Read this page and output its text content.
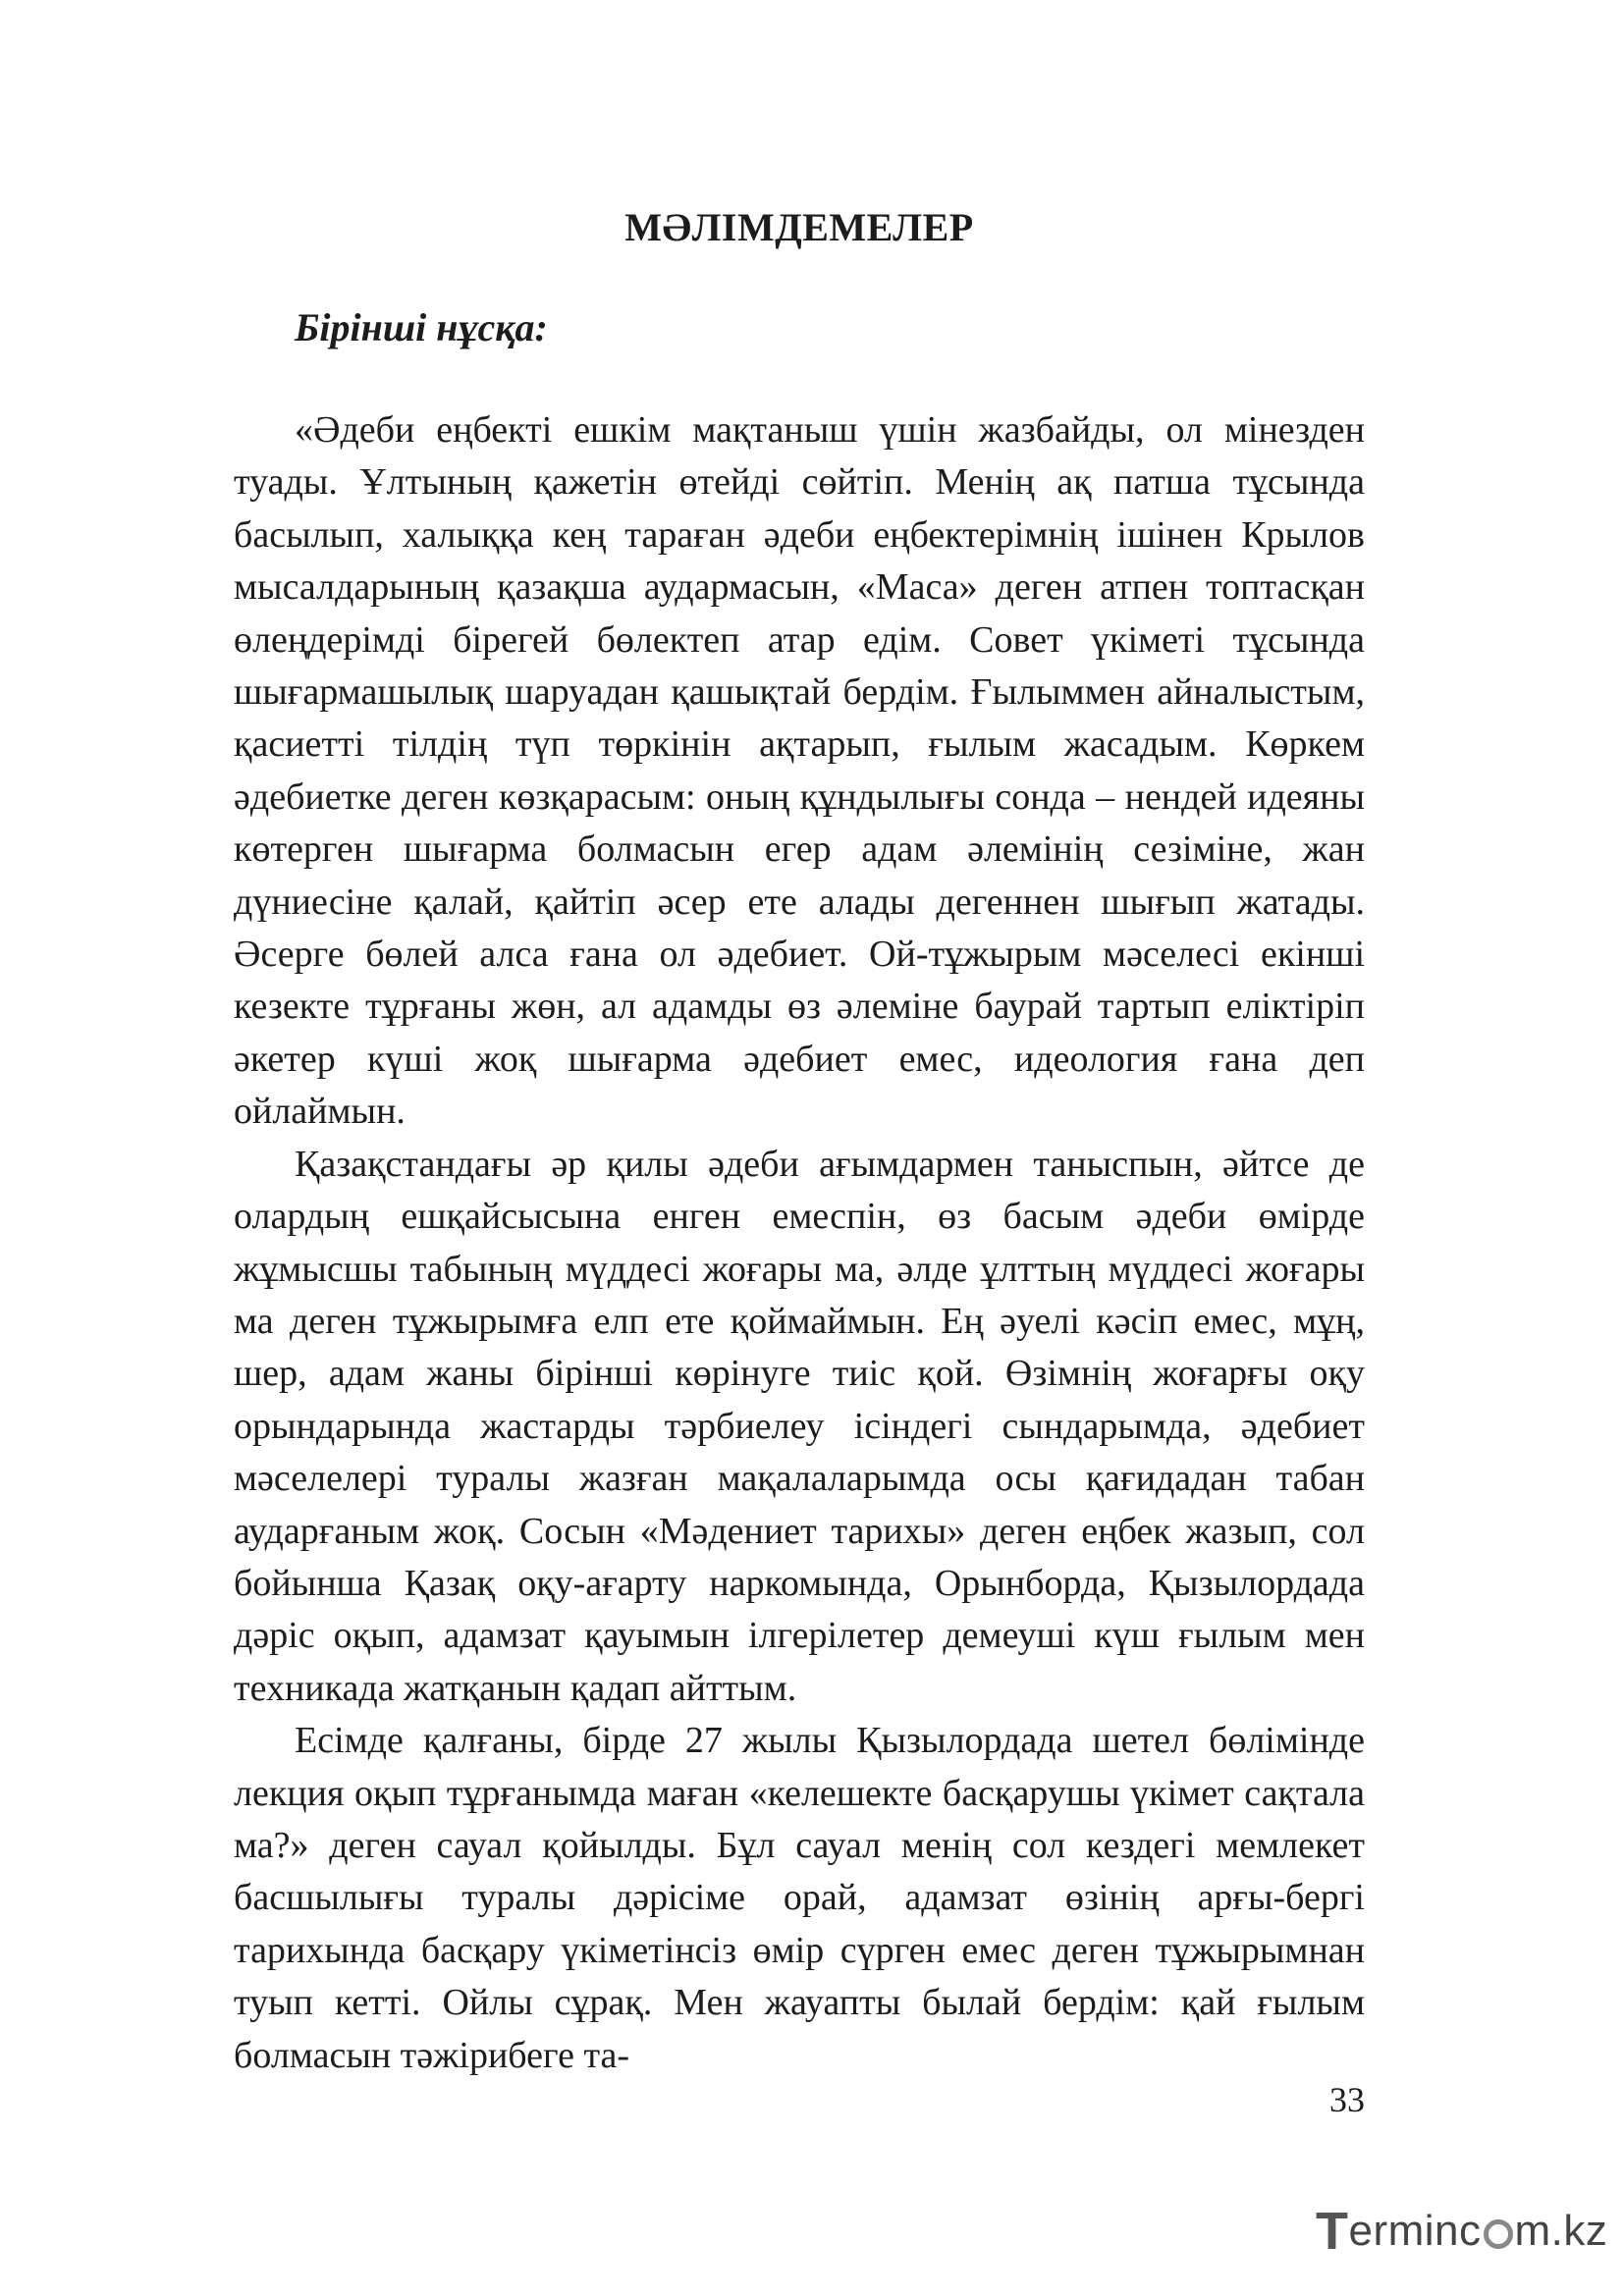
МӘЛІМДЕМЕЛЕР
Бірінші нұсқа:

«Әдеби еңбекті ешкім мақтаныш үшін жазбайды, ол мінезден туады. Ұлтының қажетін өтейді сөйтіп. Менің ақ патша тұсында басылып, халыққа кең тараған әдеби еңбектерімнің ішінен Крылов мысалдарының қазақша аудармасын, «Маса» деген атпен топтасқан өлеңдерімді бірегей бөлектеп атар едім. Совет үкіметі тұсында шығармашылық шаруадан қашықтай бердім. Ғылыммен айналыстым, қасиетті тілдің түп төркінін ақтарып, ғылым жасадым. Көркем әдебиетке деген көзқарасым: оның құндылығы сонда – нендей идеяны көтерген шығарма болмасын егер адам әлемінің сезіміне, жан дүниесіне қалай, қайтіп әсер ете алады дегеннен шығып жатады. Әсерге бөлей алса ғана ол әдебиет. Ой-тұжырым мәселесі екінші кезекте тұрғаны жөн, ал адамды өз әлеміне баурай тартып еліктіріп әкетер күші жоқ шығарма әдебиет емес, идеология ғана деп ойлаймын.

Қазақстандағы әр қилы әдеби ағымдармен таныспын, әйтсе де олардың ешқайсысына енген емеспін, өз басым әдеби өмірде жұмысшы табының мүддесі жоғары ма, әлде ұлттың мүддесі жоғары ма деген тұжырымға елп ете қоймаймын. Ең әуелі кәсіп емес, мұң, шер, адам жаны бірінші көрінуге тиіс қой. Өзімнің жоғарғы оқу орындарында жастарды тәрбиелеу ісіндегі сындарымда, әдебиет мәселелері туралы жазған мақалаларымда осы қағидадан табан аударғаным жоқ. Сосын «Мәдениет тарихы» деген еңбек жазып, сол бойынша Қазақ оқу-ағарту наркомында, Орынборда, Қызылордада дәріс оқып, адамзат қауымын ілгерілетер демеуші күш ғылым мен техникада жатқанын қадап айттым.

Есімде қалғаны, бірде 27 жылы Қызылордада шетел бөлімінде лекция оқып тұрғанымда маған «келешекте басқарушы үкімет сақтала ма?» деген сауал қойылды. Бұл сауал менің сол кездегі мемлекет басшылығы туралы дәрісіме орай, адамзат өзінің арғы-бергі тарихында басқару үкіметінсіз өмір сүрген емес деген тұжырымнан туып кетті. Ойлы сұрақ. Мен жауапты былай бердім: қай ғылым болмасын тәжірибеге та-

33
T erminc m.kz
